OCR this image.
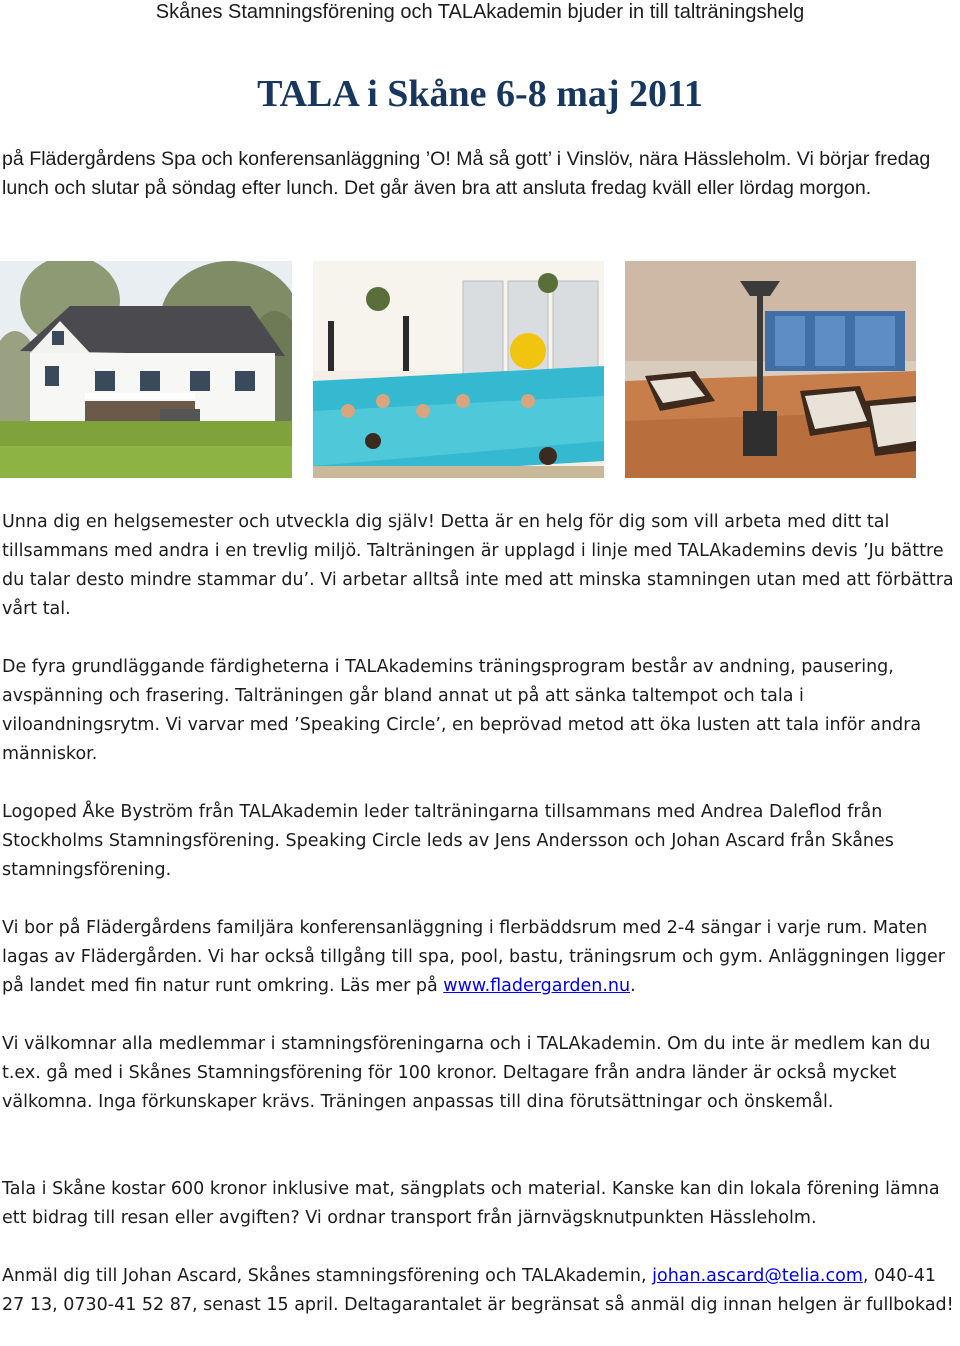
Skånes Stamningsförening och TALAkademin bjuder in till talträningshelg
TALA i Skåne 6-8 maj 2011

på Flädergårdens Spa och konferensanläggning ’O! Må så gott’ i Vinslöv, nära Hässleholm. Vi börjar fredag lunch och slutar på söndag efter lunch. Det går även bra att ansluta fredag kväll eller lördag morgon.

Unna dig en helgsemester och utveckla dig själv! Detta är en helg för dig som vill arbeta med ditt tal tillsammans med andra i en trevlig miljö. Talträningen är upplagd i linje med TALAkademins devis ’Ju bättre du talar desto mindre stammar du’. Vi arbetar alltså inte med att minska stamningen utan med att förbättra vårt tal.

De fyra grundläggande färdigheterna i TALAkademins träningsprogram består av andning, pausering, avspänning och frasering. Talträningen går bland annat ut på att sänka taltempot och tala i viloandningsrytm. Vi varvar med ’Speaking Circle’, en beprövad metod att öka lusten att tala inför andra människor.

Logoped Åke Byström från TALAkademin leder talträningarna tillsammans med Andrea Daleflod från Stockholms Stamningsförening. Speaking Circle leds av Jens Andersson och Johan Ascard från Skånes stamningsförening.

Vi bor på Flädergårdens familjära konferensanläggning i flerbäddsrum med 2-4 sängar i varje rum. Maten lagas av Flädergården. Vi har också tillgång till spa, pool, bastu, träningsrum och gym. Anläggningen ligger på landet med fin natur runt omkring. Läs mer på www.fladergarden.nu.

Vi välkomnar alla medlemmar i stamningsföreningarna och i TALAkademin. Om du inte är medlem kan du t.ex. gå med i Skånes Stamningsförening för 100 kronor. Deltagare från andra länder är också mycket välkomna. Inga förkunskaper krävs. Träningen anpassas till dina förutsättningar och önskemål.

Tala i Skåne kostar 600 kronor inklusive mat, sängplats och material. Kanske kan din lokala förening lämna ett bidrag till resan eller avgiften? Vi ordnar transport från järnvägsknutpunkten Hässleholm.

Anmäl dig till Johan Ascard, Skånes stamningsförening och TALAkademin, johan.ascard@telia.com, 040-41 27 13, 0730-41 52 87, senast 15 april. Deltagarantalet är begränsat så anmäl dig innan helgen är fullbokad!
